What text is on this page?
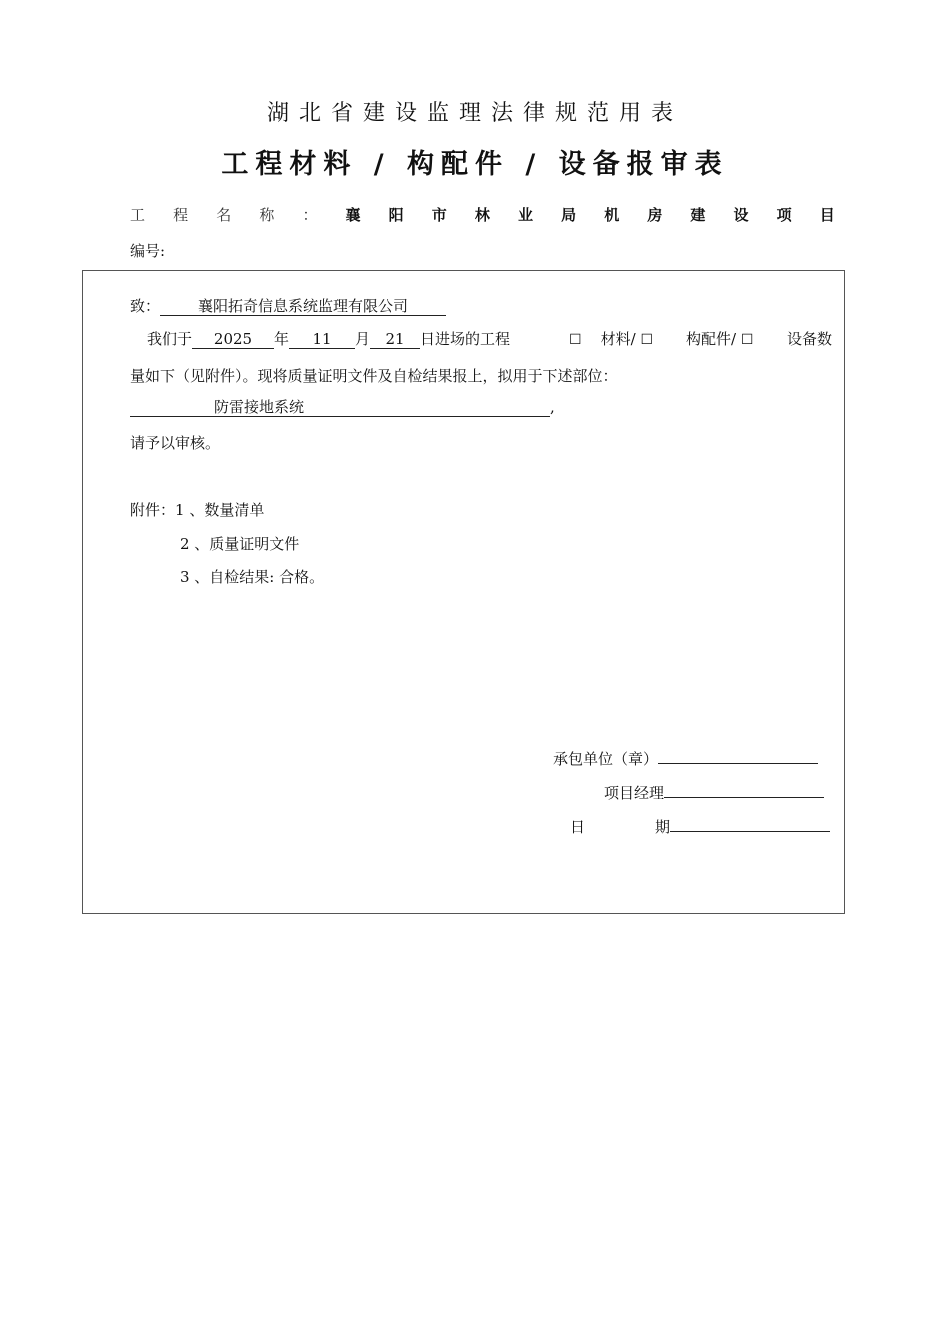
湖北省建设监理法律规范用表
工程材料 / 构配件 / 设备报审表
工 程 名 称 ： 襄 阳 市 林 业 局 机 房 建 设 项 目
编号:
致：	襄阳拓奇信息系统监理有限公司
我们于 2025 年 11 月 21 日进场的工程	☐ 材料/ ☐ 构配件/ ☐ 设备数
量如下（见附件）。现将质量证明文件及自检结果报上，拟用于下述部位：
防雷接地系统	,
请予以审核。
附件：1 、数量清单
2 、质量证明文件
3 、自检结果: 合格。
承包单位（章）
项目经理
日	期
